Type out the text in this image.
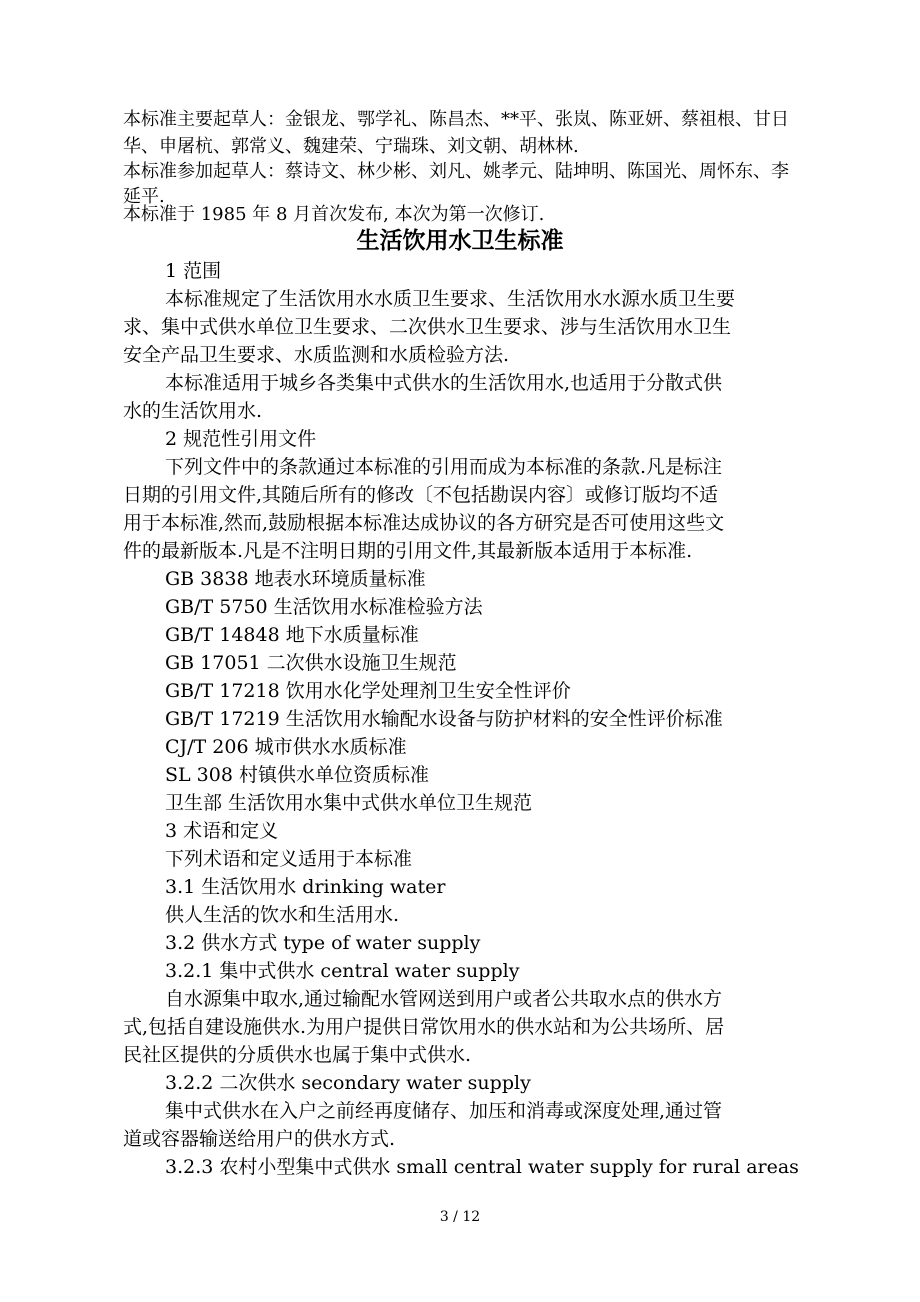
本标准主要起草人：金银龙、鄂学礼、陈昌杰、**平、张岚、陈亚妍、蔡祖根、甘日
华、申屠杭、郭常义、魏建荣、宁瑞珠、刘文朝、胡林林.
本标准参加起草人：蔡诗文、林少彬、刘凡、姚孝元、陆坤明、陈国光、周怀东、李
延平.
本标准于 1985 年 8 月首次发布, 本次为第一次修订.
生活饮用水卫生标准
1 范围
本标准规定了生活饮用水水质卫生要求、生活饮用水水源水质卫生要
求、集中式供水单位卫生要求、二次供水卫生要求、涉与生活饮用水卫生
安全产品卫生要求、水质监测和水质检验方法.
本标准适用于城乡各类集中式供水的生活饮用水,也适用于分散式供
水的生活饮用水.
2 规范性引用文件
下列文件中的条款通过本标准的引用而成为本标准的条款.凡是标注
日期的引用文件,其随后所有的修改〔不包括勘误内容〕或修订版均不适
用于本标准,然而,鼓励根据本标准达成协议的各方研究是否可使用这些文
件的最新版本.凡是不注明日期的引用文件,其最新版本适用于本标准.
GB 3838 地表水环境质量标准
GB/T 5750 生活饮用水标准检验方法
GB/T 14848 地下水质量标准
GB 17051 二次供水设施卫生规范
GB/T 17218 饮用水化学处理剂卫生安全性评价
GB/T 17219 生活饮用水输配水设备与防护材料的安全性评价标准
CJ/T 206 城市供水水质标准
SL 308 村镇供水单位资质标准
卫生部 生活饮用水集中式供水单位卫生规范
3 术语和定义
下列术语和定义适用于本标准
3.1 生活饮用水 drinking water
供人生活的饮水和生活用水.
3.2 供水方式 type of water supply
3.2.1 集中式供水 central water supply
自水源集中取水,通过输配水管网送到用户或者公共取水点的供水方
式,包括自建设施供水.为用户提供日常饮用水的供水站和为公共场所、居
民社区提供的分质供水也属于集中式供水.
3.2.2 二次供水 secondary water supply
集中式供水在入户之前经再度储存、加压和消毒或深度处理,通过管
道或容器输送给用户的供水方式.
3.2.3 农村小型集中式供水 small central water supply for rural areas
3 / 12
